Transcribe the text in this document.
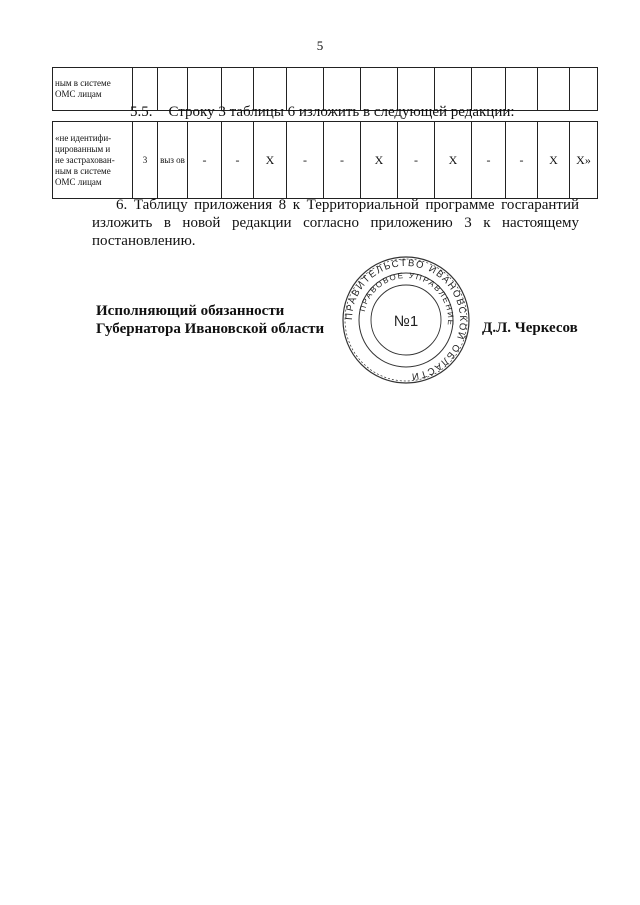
5
ным в системе
ОМС лицам

5.5. Строку 3 таблицы 6 изложить в следующей редакции:
«не идентифи-
цированным и
не застрахован-
ным в системе
ОМС лицам
	3	выз ов	-	-	Х	-	-	Х	-	Х	-	-	Х	Х»
6. Таблицу приложения 8 к Территориальной программе госгарантий изложить в новой редакции согласно приложению 3 к настоящему постановлению.
Исполняющий обязанности
Губернатора Ивановской области
ПРАВИТЕЛЬСТВО ИВАНОВСКОЙ ОБЛАСТИ
ПРАВОВОЕ УПРАВЛЕНИЕ
№1	Д.Л. Черкесов
